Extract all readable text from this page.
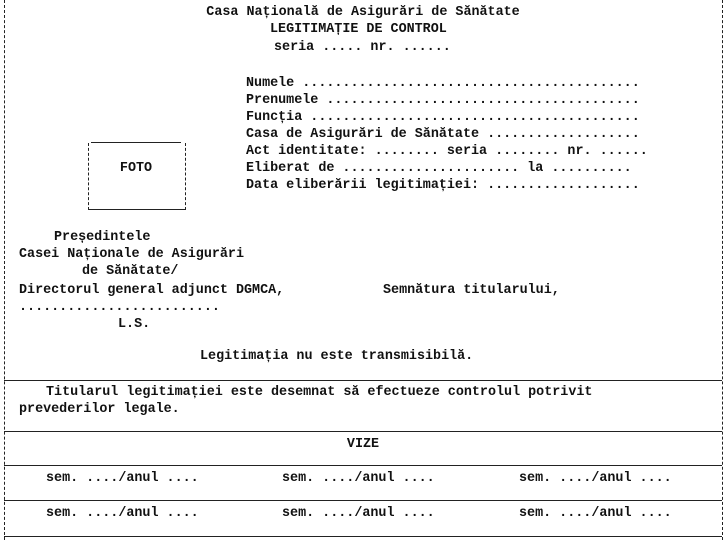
Casa Națională de Asigurări de Sănătate
LEGITIMAȚIE DE CONTROL
seria ..... nr. ......
Numele ..........................................
Prenumele .......................................
Funcția .........................................
Casa de Asigurări de Sănătate ...................
Act identitate: ........ seria ........ nr. ......
Eliberat de ...................... la ..........
Data eliberării legitimației: ...................
FOTO
Președintele
Casei Naționale de Asigurări
de Sănătate/
Directorul general adjunct DGMCA,	Semnătura titularului,
.........................
L.S.
Legitimația nu este transmisibilă.
Titularul legitimației este desemnat să efectueze controlul potrivit
prevederilor legale.
VIZE
sem. ..../anul ....	sem. ..../anul ....	sem. ..../anul ....
sem. ..../anul ....	sem. ..../anul ....	sem. ..../anul ....
